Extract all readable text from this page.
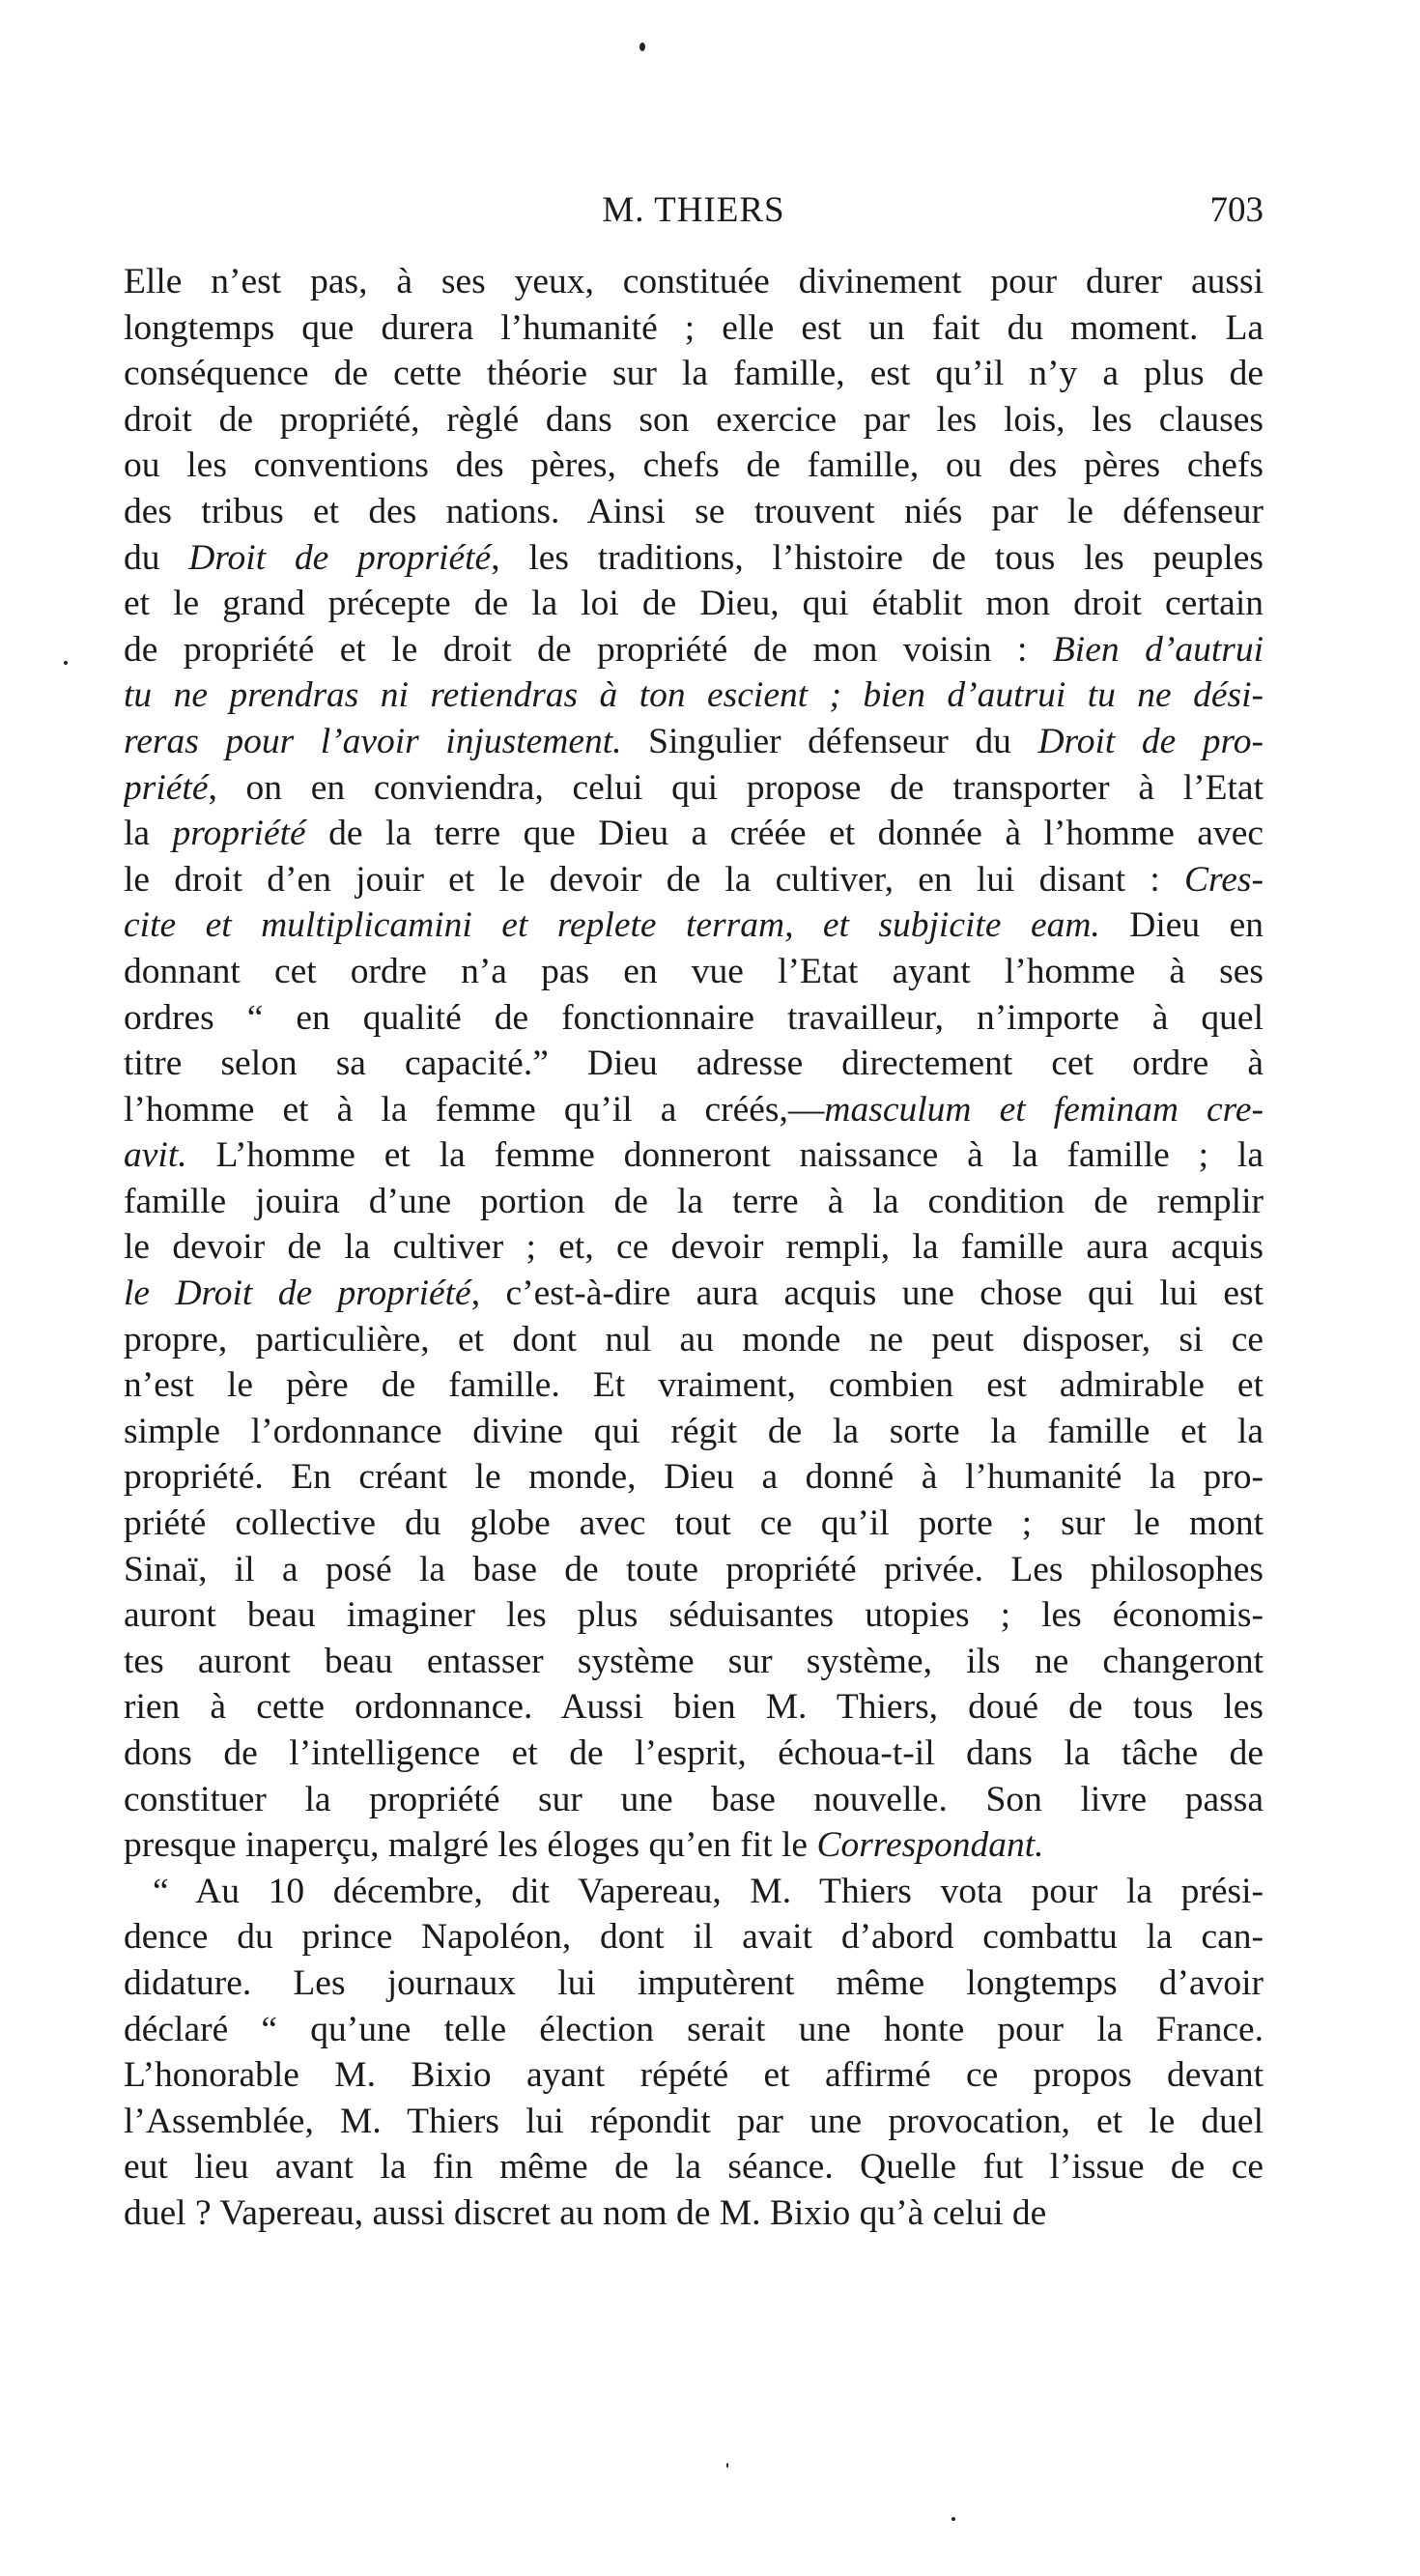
M. THIERS	703
Elle n’est pas, à ses yeux, constituée divinement pour durer aussi
longtemps que durera l’humanité ; elle est un fait du moment. La
conséquence de cette théorie sur la famille, est qu’il n’y a plus de
droit de propriété, règlé dans son exercice par les lois, les clauses
ou les conventions des pères, chefs de famille, ou des pères chefs
des tribus et des nations. Ainsi se trouvent niés par le défenseur
du Droit de propriété, les traditions, l’histoire de tous les peuples
et le grand précepte de la loi de Dieu, qui établit mon droit certain
de propriété et le droit de propriété de mon voisin : Bien d’autrui
tu ne prendras ni retiendras à ton escient ; bien d’autrui tu ne dési-
reras pour l’avoir injustement. Singulier défenseur du Droit de pro-
priété, on en conviendra, celui qui propose de transporter à l’Etat
la propriété de la terre que Dieu a créée et donnée à l’homme avec
le droit d’en jouir et le devoir de la cultiver, en lui disant : Cres-
cite et multiplicamini et replete terram, et subjicite eam. Dieu en
donnant cet ordre n’a pas en vue l’Etat ayant l’homme à ses
ordres “ en qualité de fonctionnaire travailleur, n’importe à quel
titre selon sa capacité.” Dieu adresse directement cet ordre à
l’homme et à la femme qu’il a créés,—masculum et feminam cre-
avit. L’homme et la femme donneront naissance à la famille ; la
famille jouira d’une portion de la terre à la condition de remplir
le devoir de la cultiver ; et, ce devoir rempli, la famille aura acquis
le Droit de propriété, c’est-à-dire aura acquis une chose qui lui est
propre, particulière, et dont nul au monde ne peut disposer, si ce
n’est le père de famille. Et vraiment, combien est admirable et
simple l’ordonnance divine qui régit de la sorte la famille et la
propriété. En créant le monde, Dieu a donné à l’humanité la pro-
priété collective du globe avec tout ce qu’il porte ; sur le mont
Sinaï, il a posé la base de toute propriété privée. Les philosophes
auront beau imaginer les plus séduisantes utopies ; les économis-
tes auront beau entasser système sur système, ils ne changeront
rien à cette ordonnance. Aussi bien M. Thiers, doué de tous les
dons de l’intelligence et de l’esprit, échoua-t-il dans la tâche de
constituer la propriété sur une base nouvelle. Son livre passa
presque inaperçu, malgré les éloges qu’en fit le Correspondant.
“ Au 10 décembre, dit Vapereau, M. Thiers vota pour la prési-
dence du prince Napoléon, dont il avait d’abord combattu la can-
didature. Les journaux lui imputèrent même longtemps d’avoir
déclaré “ qu’une telle élection serait une honte pour la France.
L’honorable M. Bixio ayant répété et affirmé ce propos devant
l’Assemblée, M. Thiers lui répondit par une provocation, et le duel
eut lieu avant la fin même de la séance. Quelle fut l’issue de ce
duel ? Vapereau, aussi discret au nom de M. Bixio qu’à celui de
